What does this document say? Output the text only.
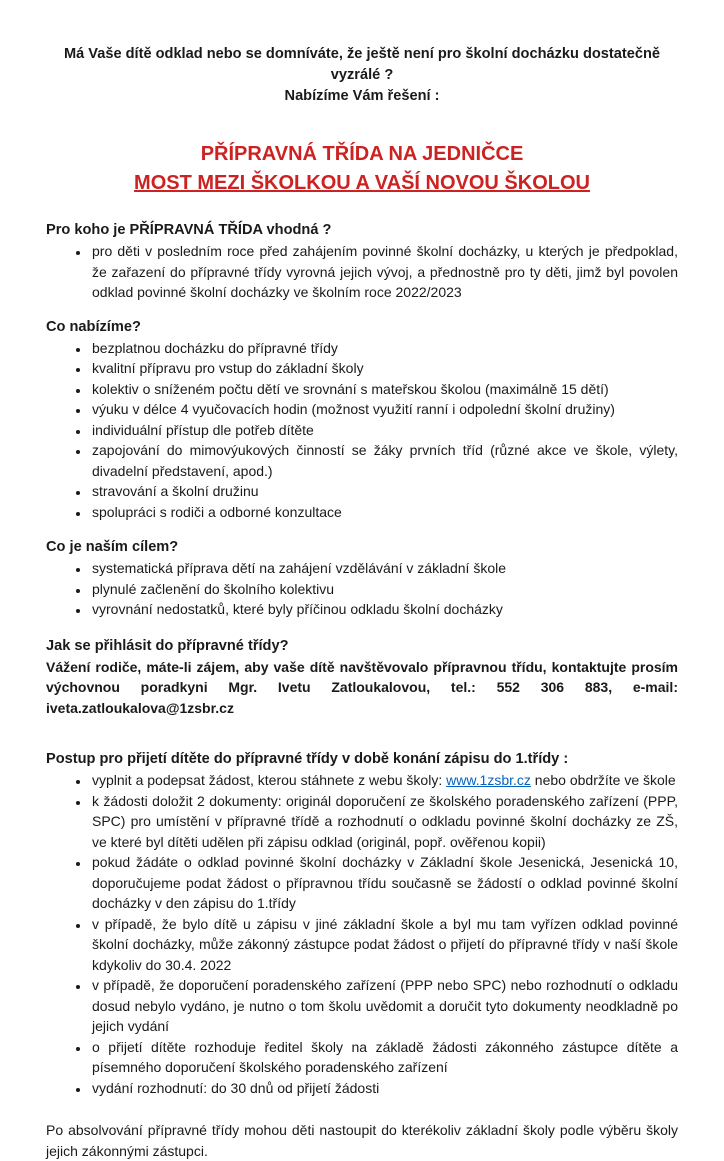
Má Vaše dítě odklad nebo se domníváte, že ještě není pro školní docházku dostatečně vyzrálé ?

Nabízíme Vám řešení :

PŘÍPRAVNÁ TŘÍDA NA JEDNIČCE
MOST MEZI ŠKOLKOU A VAŠÍ NOVOU ŠKOLOU

Pro koho je PŘÍPRAVNÁ TŘÍDA vhodná ?

• pro děti v posledním roce před zahájením povinné školní docházky, u kterých je předpoklad, že zařazení do přípravné třídy vyrovná jejich vývoj, a přednostně pro ty děti, jimž byl povolen odklad povinné školní docházky ve školním roce 2022/2023

Co nabízíme?

• bezplatnou docházku do přípravné třídy
• kvalitní přípravu pro vstup do základní školy
• kolektiv o sníženém počtu dětí ve srovnání s mateřskou školou (maximálně 15 dětí)
• výuku v délce 4 vyučovacích hodin (možnost využití ranní i odpolední školní družiny)
• individuální přístup dle potřeb dítěte
• zapojování do mimovýukových činností se žáky prvních tříd (různé akce ve škole, výlety, divadelní představení, apod.)
• stravování a školní družinu
• spolupráci s rodiči a odborné konzultace

Co je naším cílem?

• systematická příprava dětí na zahájení vzdělávání v základní škole
• plynulé začlenění do školního kolektivu
• vyrovnání nedostatků, které byly příčinou odkladu školní docházky

Jak se přihlásit do přípravné třídy?

Vážení rodiče, máte-li zájem, aby vaše dítě navštěvovalo přípravnou třídu, kontaktujte prosím výchovnou poradkyni Mgr. Ivetu Zatloukalovou, tel.: 552 306 883, e-mail: iveta.zatloukalova@1zsbr.cz

Postup pro přijetí dítěte do přípravné třídy v době konání zápisu do 1.třídy :

• vyplnit a podepsat žádost, kterou stáhnete z webu školy: www.1zsbr.cz nebo obdržíte ve škole
• k žádosti doložit 2 dokumenty: originál doporučení ze školského poradenského zařízení (PPP, SPC) pro umístění v přípravné třídě a rozhodnutí o odkladu povinné školní docházky ze ZŠ, ve které byl dítěti udělen při zápisu odklad (originál, popř. ověřenou kopii)
• pokud žádáte o odklad povinné školní docházky v Základní škole Jesenická, Jesenická 10, doporučujeme podat žádost o přípravnou třídu současně se žádostí o odklad povinné školní docházky v den zápisu do 1.třídy
• v případě, že bylo dítě u zápisu v jiné základní škole a byl mu tam vyřízen odklad povinné školní docházky, může zákonný zástupce podat žádost o přijetí do přípravné třídy v naší škole kdykoliv do 30.4. 2022
• v případě, že doporučení poradenského zařízení (PPP nebo SPC) nebo rozhodnutí o odkladu dosud nebylo vydáno, je nutno o tom školu uvědomit a doručit tyto dokumenty neodkladně po jejich vydání
• o přijetí dítěte rozhoduje ředitel školy na základě žádosti zákonného zástupce dítěte a písemného doporučení školského poradenského zařízení
• vydání rozhodnutí: do 30 dnů od přijetí žádosti

Po absolvování přípravné třídy mohou děti nastoupit do kterékoliv základní školy podle výběru školy jejich zákonnými zástupci.
